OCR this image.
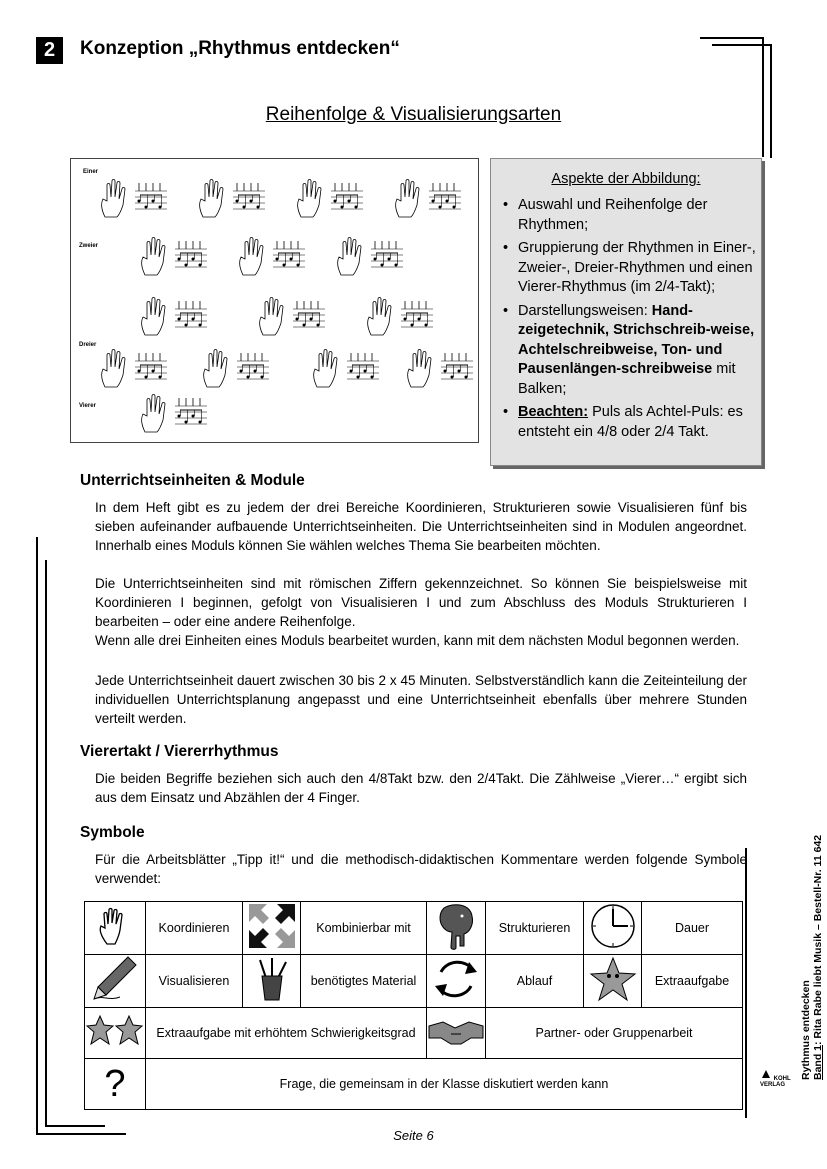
2	Konzeption „Rhythmus entdecken“
Reihenfolge & Visualisierungsarten
Einer
Zweier
Dreier
Vierer
Aspekte der Abbildung:
• Auswahl und Reihenfolge der Rhythmen;
• Gruppierung der Rhythmen in Einer-, Zweier-, Dreier-Rhythmen und einen Vierer-Rhythmus (im 2/4-Takt);
• Darstellungsweisen: Hand-zeigetechnik, Strichschreib-weise, Achtelschreibweise, Ton- und Pausenlängen-schreibweise mit Balken;
• Beachten: Puls als Achtel-Puls: es entsteht ein 4/8 oder 2/4 Takt.
Unterrichtseinheiten & Module
In dem Heft gibt es zu jedem der drei Bereiche Koordinieren, Strukturieren sowie Visualisieren fünf bis sieben aufeinander aufbauende Unterrichtseinheiten. Die Unterrichtseinheiten sind in Modulen angeordnet. Innerhalb eines Moduls können Sie wählen welches Thema Sie bearbeiten möchten.
Die Unterrichtseinheiten sind mit römischen Ziffern gekennzeichnet. So können Sie beispielsweise mit Koordinieren I beginnen, gefolgt von Visualisieren I und zum Abschluss des Moduls Strukturieren I bearbeiten – oder eine andere Reihenfolge.
Wenn alle drei Einheiten eines Moduls bearbeitet wurden, kann mit dem nächsten Modul begonnen werden.
Jede Unterrichtseinheit dauert zwischen 30 bis 2 x 45 Minuten. Selbstverständlich kann die Zeiteinteilung der individuellen Unterrichtsplanung angepasst und eine Unterrichtseinheit ebenfalls über mehrere Stunden verteilt werden.
Vierertakt / Viererrhythmus
Die beiden Begriffe beziehen sich auch den 4/8Takt bzw. den 2/4Takt. Die Zählweise „Vierer…“ ergibt sich aus dem Einsatz und Abzählen der 4 Finger.
Symbole
Für die Arbeitsblätter „Tipp it!“ und die methodisch-didaktischen Kommentare werden folgende Symbole verwendet:
	Koordinieren		Kombinierbar mit		Strukturieren		Dauer
	Visualisieren		benötigtes Material		Ablauf		Extraaufgabe
	Extraaufgabe mit erhöhtem Schwierigkeitsgrad				Partner- oder Gruppenarbeit		
?	Frage, die gemeinsam in der Klasse diskutiert werden kann						
Seite 6
Rythmus entdecken Band 1: Rita Rabe liebt Musik – Bestell-Nr. 11 642
KOHL VERLAG
